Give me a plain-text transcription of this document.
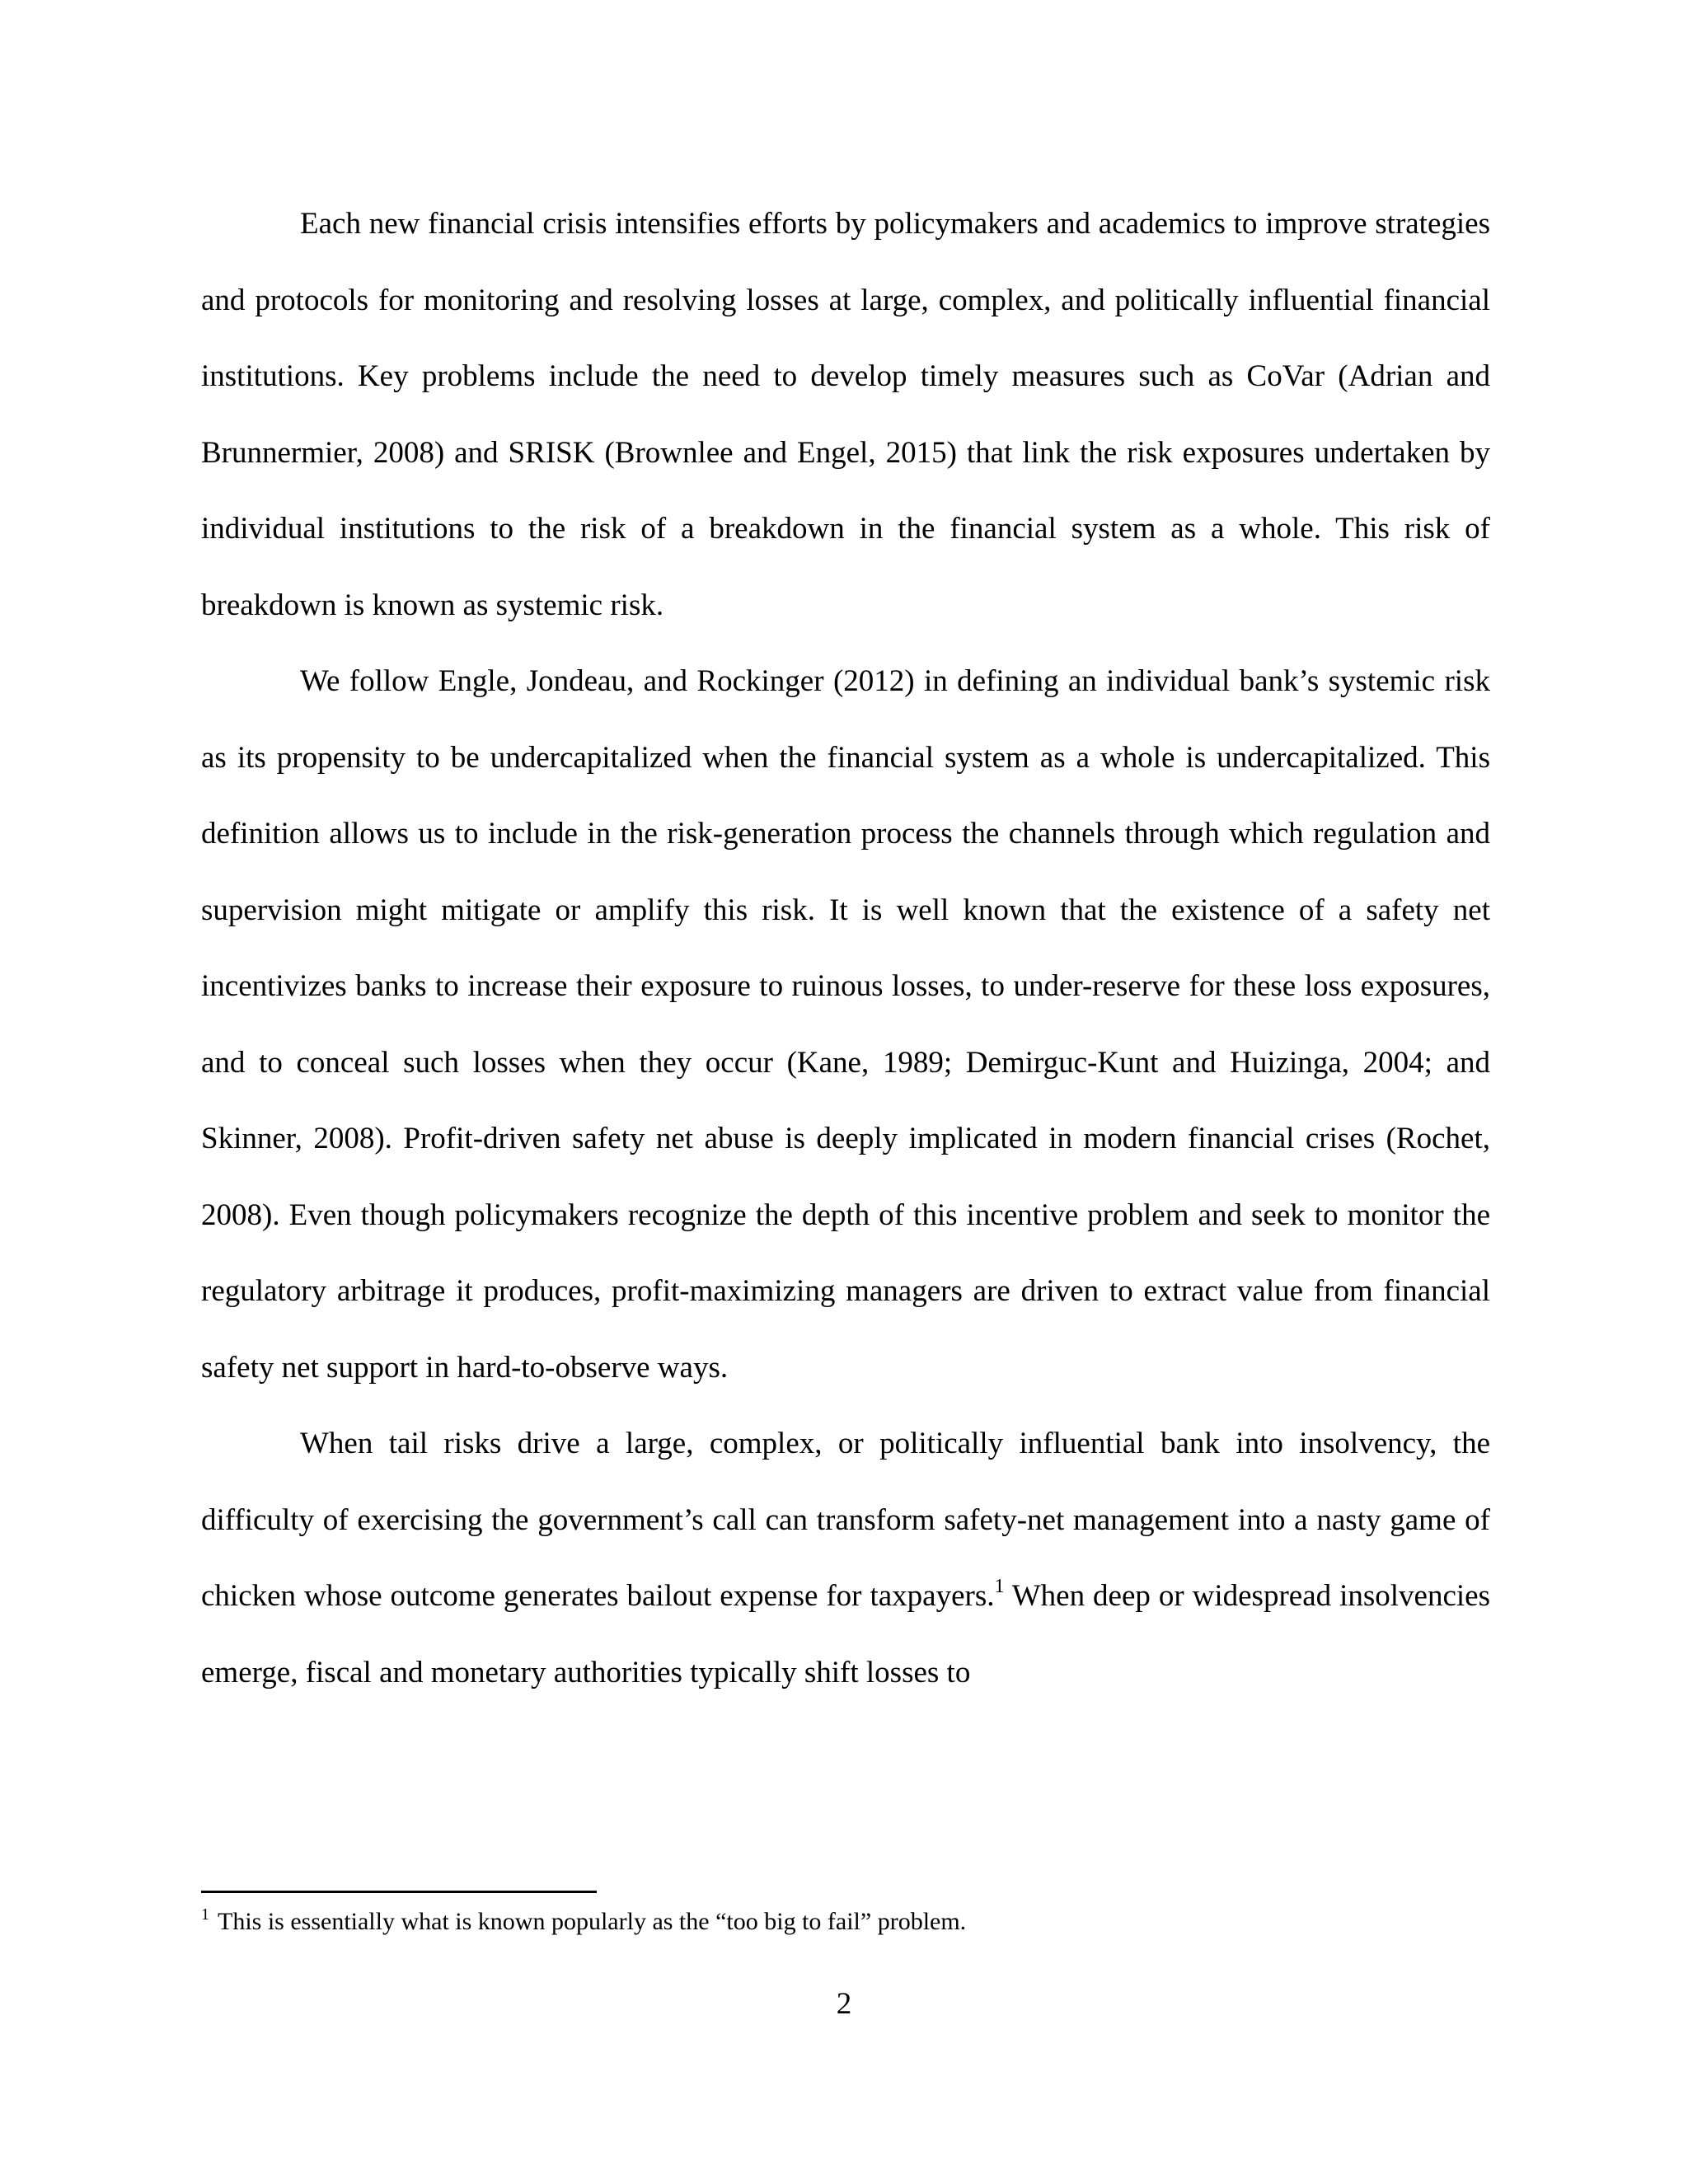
Each new financial crisis intensifies efforts by policymakers and academics to improve strategies and protocols for monitoring and resolving losses at large, complex, and politically influential financial institutions. Key problems include the need to develop timely measures such as CoVar (Adrian and Brunnermier, 2008) and SRISK (Brownlee and Engel, 2015) that link the risk exposures undertaken by individual institutions to the risk of a breakdown in the financial system as a whole. This risk of breakdown is known as systemic risk.

We follow Engle, Jondeau, and Rockinger (2012) in defining an individual bank’s systemic risk as its propensity to be undercapitalized when the financial system as a whole is undercapitalized. This definition allows us to include in the risk-generation process the channels through which regulation and supervision might mitigate or amplify this risk. It is well known that the existence of a safety net incentivizes banks to increase their exposure to ruinous losses, to under-reserve for these loss exposures, and to conceal such losses when they occur (Kane, 1989; Demirguc-Kunt and Huizinga, 2004; and Skinner, 2008). Profit-driven safety net abuse is deeply implicated in modern financial crises (Rochet, 2008). Even though policymakers recognize the depth of this incentive problem and seek to monitor the regulatory arbitrage it produces, profit-maximizing managers are driven to extract value from financial safety net support in hard-to-observe ways.

When tail risks drive a large, complex, or politically influential bank into insolvency, the difficulty of exercising the government’s call can transform safety-net management into a nasty game of chicken whose outcome generates bailout expense for taxpayers.$^1$ When deep or widespread insolvencies emerge, fiscal and monetary authorities typically shift losses to

$^1$ This is essentially what is known popularly as the “too big to fail” problem.

2
